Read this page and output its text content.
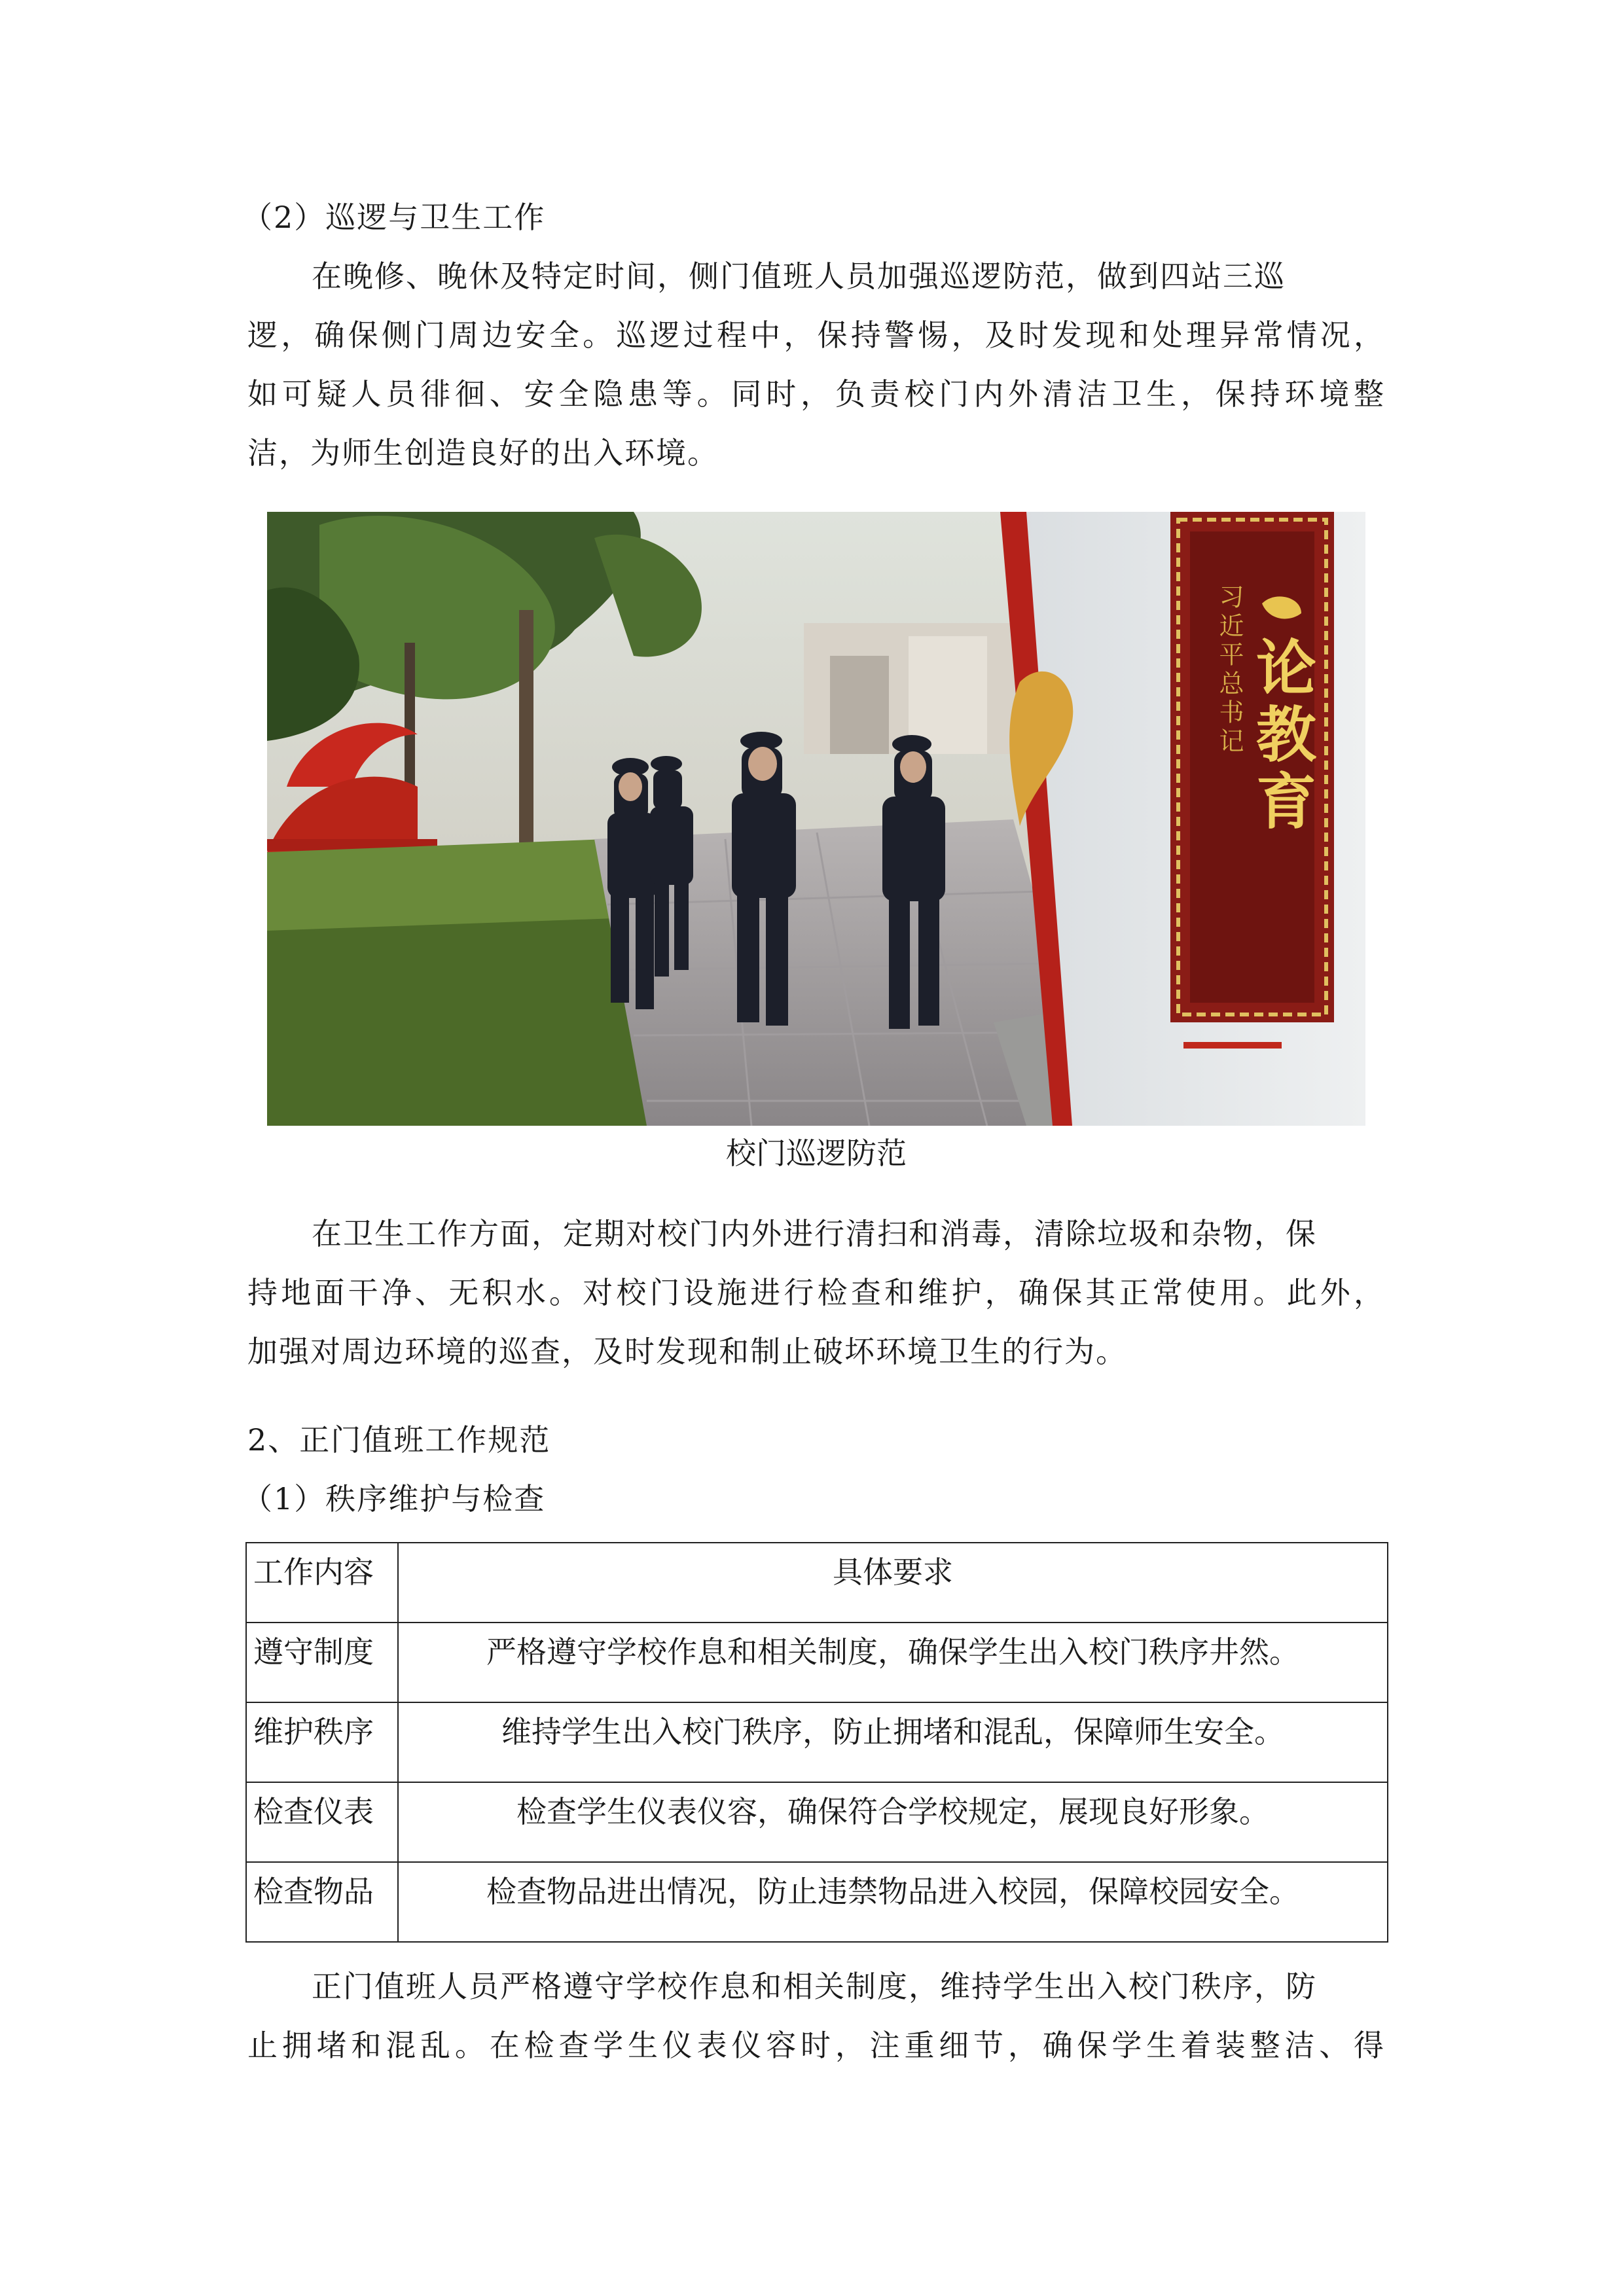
（2）巡逻与卫生工作
在晚修、晚休及特定时间，侧门值班人员加强巡逻防范，做到四站三巡
逻，确保侧门周边安全。巡逻过程中，保持警惕，及时发现和处理异常情况，
如可疑人员徘徊、安全隐患等。同时，负责校门内外清洁卫生，保持环境整
洁，为师生创造良好的出入环境。
习近平总书记 论教育
校门巡逻防范
在卫生工作方面，定期对校门内外进行清扫和消毒，清除垃圾和杂物，保
持地面干净、无积水。对校门设施进行检查和维护，确保其正常使用。此外，
加强对周边环境的巡查，及时发现和制止破坏环境卫生的行为。
2、正门值班工作规范
（1）秩序维护与检查
工作内容	具体要求
遵守制度	严格遵守学校作息和相关制度，确保学生出入校门秩序井然。
维护秩序	维持学生出入校门秩序，防止拥堵和混乱，保障师生安全。
检查仪表	检查学生仪表仪容，确保符合学校规定，展现良好形象。
检查物品	检查物品进出情况，防止违禁物品进入校园，保障校园安全。
正门值班人员严格遵守学校作息和相关制度，维持学生出入校门秩序，防
止拥堵和混乱。在检查学生仪表仪容时，注重细节，确保学生着装整洁、得
